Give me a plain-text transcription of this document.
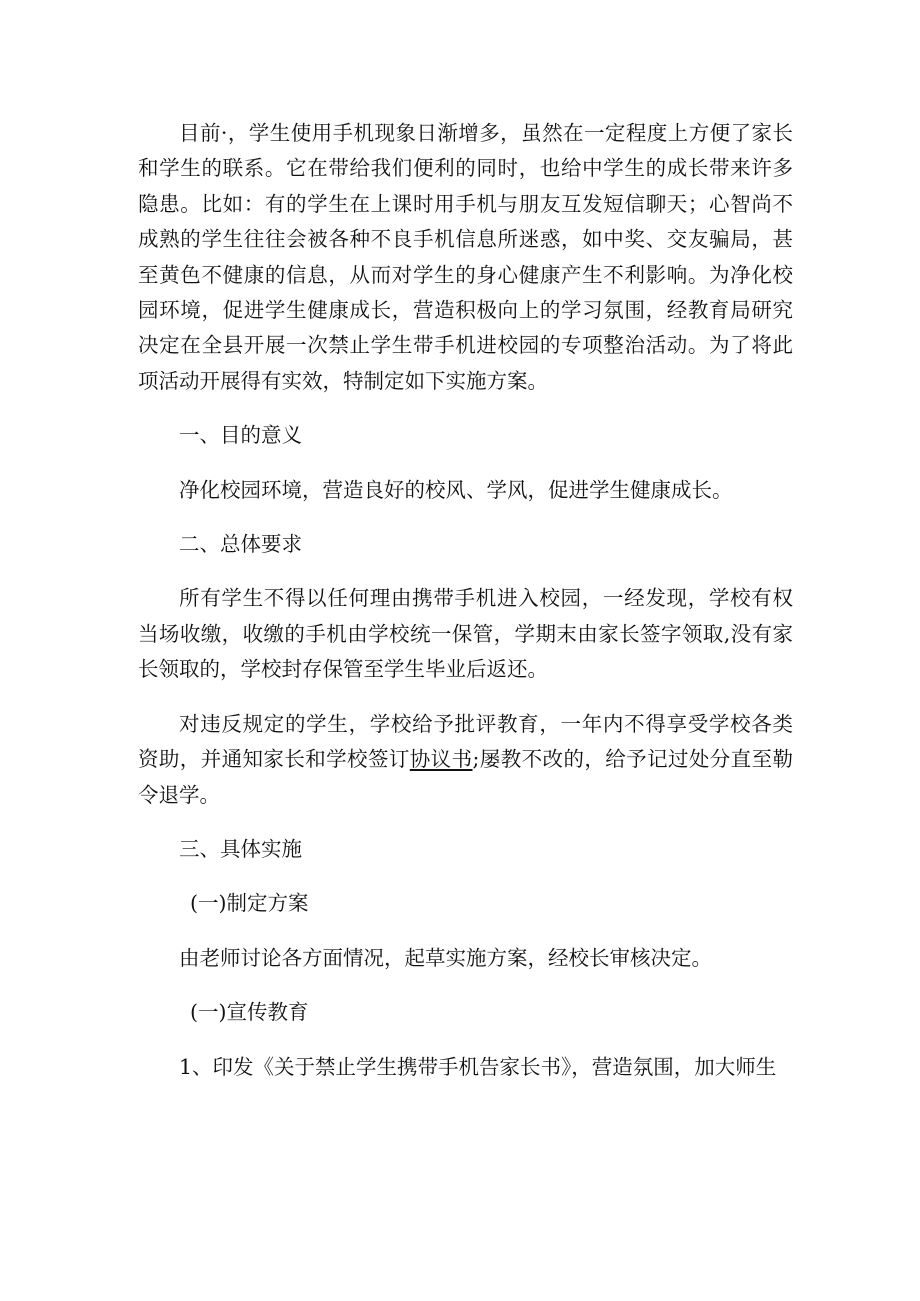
目前·，学生使用手机现象日渐增多，虽然在一定程度上方便了家长和学生的联系。它在带给我们便利的同时，也给中学生的成长带来许多隐患。比如：有的学生在上课时用手机与朋友互发短信聊天；心智尚不成熟的学生往往会被各种不良手机信息所迷惑，如中奖、交友骗局，甚至黄色不健康的信息，从而对学生的身心健康产生不利影响。为净化校园环境，促进学生健康成长，营造积极向上的学习氛围，经教育局研究决定在全县开展一次禁止学生带手机进校园的专项整治活动。为了将此项活动开展得有实效，特制定如下实施方案。

一、目的意义

净化校园环境，营造良好的校风、学风，促进学生健康成长。

二、总体要求

所有学生不得以任何理由携带手机进入校园，一经发现，学校有权当场收缴，收缴的手机由学校统一保管，学期末由家长签字领取,没有家长领取的，学校封存保管至学生毕业后返还。

对违反规定的学生，学校给予批评教育，一年内不得享受学校各类资助，并通知家长和学校签订协议书;屡教不改的，给予记过处分直至勒令退学。

三、具体实施

(一)制定方案

由老师讨论各方面情况，起草实施方案，经校长审核决定。

(一)宣传教育

1、印发《关于禁止学生携带手机告家长书》，营造氛围，加大师生
